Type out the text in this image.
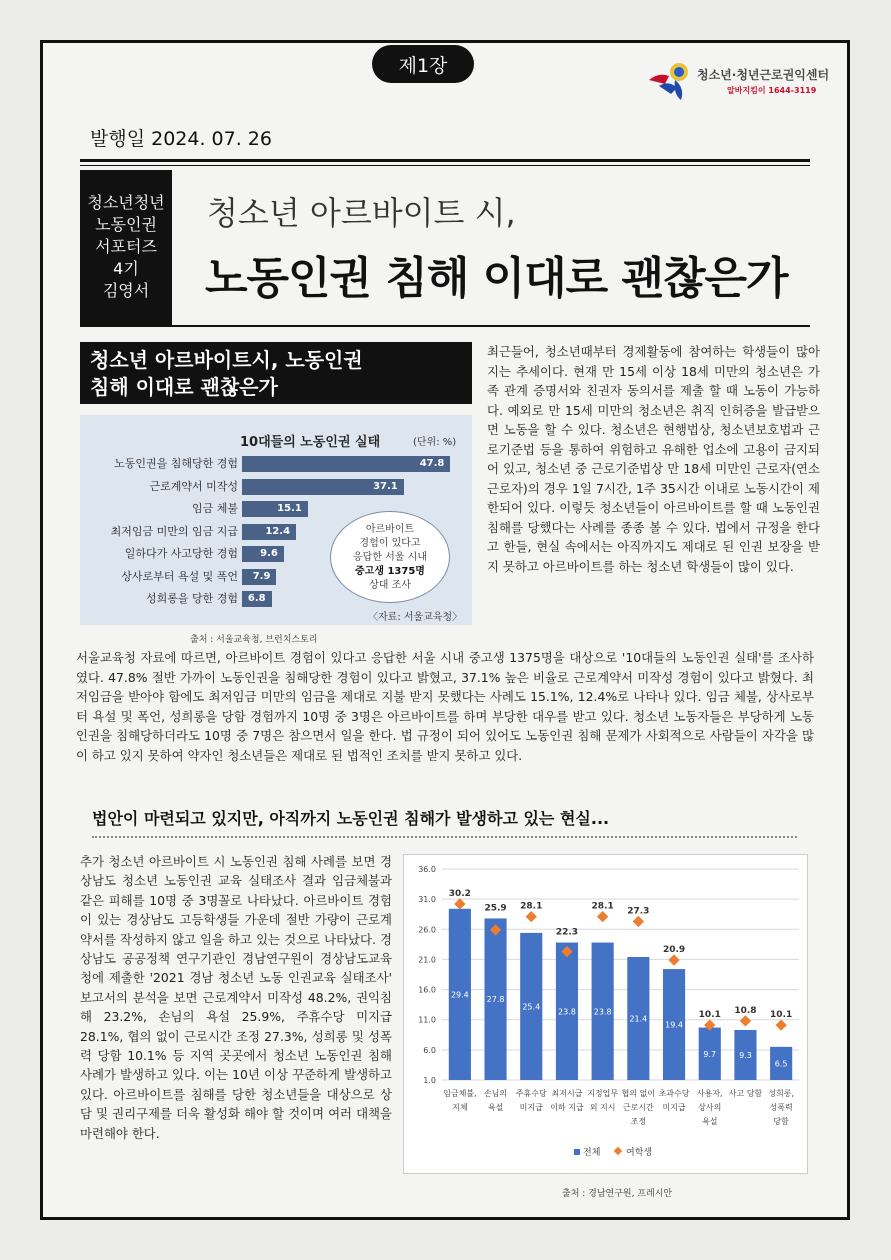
제1장	청소년·청년근로권익센터
알바지킴이 1644-3119
발행일 2024. 07. 26
청소년청년
노동인권
서포터즈
4기
김영서
청소년 아르바이트 시,
노동인권 침해 이대로 괜찮은가
청소년 아르바이트시, 노동인권
침해 이대로 괜찮은가
10대들의 노동인권 실태	(단위: %)
노동인권을 침해당한 경험	47.8
근로계약서 미작성	37.1
임금 체불	15.1
최저임금 미만의 임금 지급	12.4
일하다가 사고당한 경험	9.6
상사로부터 욕설 및 폭언	7.9
성희롱을 당한 경험 6.8
아르바이트
경험이 있다고
응답한 서울 시내
중고생 1375명
상대 조사
〈자료: 서울교육청〉
출처 : 서울교육청, 브런치스토리
최근들어, 청소년때부터 경제활동에 참여하는 학생들이 많아지는 추세이다. 현재 만 15세 이상 18세 미만의 청소년은 가족 관계 증명서와 친권자 동의서를 제출 할 때 노동이 가능하다. 예외로 만 15세 미만의 청소년은 취직 인허증을 발급받으면 노동을 할 수 있다. 청소년은 현행법상, 청소년보호법과 근로기준법 등을 통하여 위험하고 유해한 업소에 고용이 금지되어 있고, 청소년 중 근로기준법상 만 18세 미만인 근로자(연소근로자)의 경우 1일 7시간, 1주 35시간 이내로 노동시간이 제한되어 있다. 이렇듯 청소년들이 아르바이트를 할 때 노동인권 침해를 당했다는 사례를 종종 볼 수 있다. 법에서 규정을 한다고 한들, 현실 속에서는 아직까지도 제대로 된 인권 보장을 받지 못하고 아르바이트를 하는 청소년 학생들이 많이 있다.
서울교육청 자료에 따르면, 아르바이트 경험이 있다고 응답한 서울 시내 중고생 1375명을 대상으로 '10대들의 노동인권 실태'를 조사하였다. 47.8% 절반 가까이 노동인권을 침해당한 경험이 있다고 밝혔고, 37.1% 높은 비율로 근로계약서 미작성 경험이 있다고 밝혔다. 최저임금을 받아야 함에도 최저임금 미만의 임금을 제대로 지불 받지 못했다는 사례도 15.1%, 12.4%로 나타나 있다. 임금 체불, 상사로부터 욕설 및 폭언, 성희롱을 당함 경험까지 10명 중 3명은 아르바이트를 하며 부당한 대우를 받고 있다. 청소년 노동자들은 부당하게 노동인권을 침해당하더라도 10명 중 7명은 참으면서 일을 한다. 법 규정이 되어 있어도 노동인권 침해 문제가 사회적으로 사람들이 자각을 많이 하고 있지 못하여 약자인 청소년들은 제대로 된 법적인 조치를 받지 못하고 있다.
법안이 마련되고 있지만, 아직까지 노동인권 침해가 발생하고 있는 현실...
추가 청소년 아르바이트 시 노동인권 침해 사례를 보면 경상남도 청소년 노동인권 교육 실태조사 결과 임금체불과 같은 피해를 10명 중 3명꼴로 나타났다. 아르바이트 경험이 있는 경상남도 고등학생들 가운데 절반 가량이 근로계약서를 작성하지 않고 일을 하고 있는 것으로 나타났다. 경상남도 공공정책 연구기관인 경남연구원이 경상남도교육청에 제출한 '2021 경남 청소년 노동 인권교육 실태조사' 보고서의 분석을 보면 근로계약서 미작성 48.2%, 권익침해 23.2%, 손님의 욕설 25.9%, 주휴수당 미지급 28.1%, 협의 없이 근로시간 조정 27.3%, 성희롱 및 성폭력 당함 10.1% 등 지역 곳곳에서 청소년 노동인권 침해 사례가 발생하고 있다. 이는 10년 이상 꾸준하게 발생하고 있다. 아르바이트를 침해를 당한 청소년들을 대상으로 상담 및 권리구제를 더욱 활성화 해야 할 것이며 여러 대책을 마련해야 한다.
36.0
31.0
26.0
21.0
16.0
11.0
6.0
1.0
29.4
30.2
임금체불,
지체
27.8
25.9
손님의
욕설
25.4
28.1
주휴수당
미지급
23.8
22.3
최저시급
이하 지급
23.8
28.1
지정업무
외 지시
21.4
27.3
협의 없이
근로시간
조정
19.4
20.9
초과수당
미지급
9.7
10.1
사용자,
상사의
욕설
9.3
10.8
사고 당함
6.5
10.1
성희롱,
성폭력
당함
전체	여학생
출처 : 경남연구원, 프레시안
